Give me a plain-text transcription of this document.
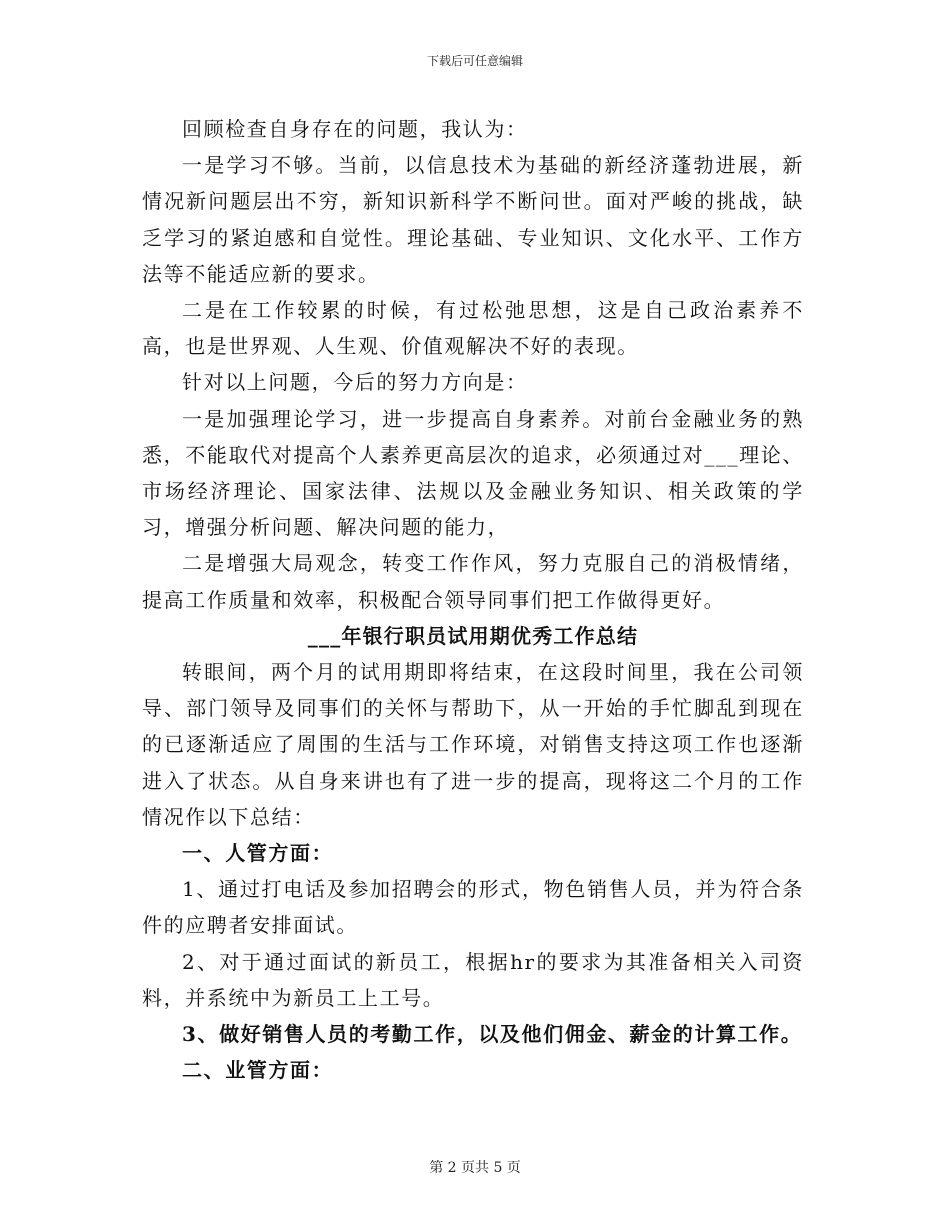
下载后可任意编辑

回顾检查自身存在的问题，我认为：

一是学习不够。当前，以信息技术为基础的新经济蓬勃进展，新情况新问题层出不穷，新知识新科学不断问世。面对严峻的挑战，缺乏学习的紧迫感和自觉性。理论基础、专业知识、文化水平、工作方法等不能适应新的要求。

二是在工作较累的时候，有过松弛思想，这是自己政治素养不高，也是世界观、人生观、价值观解决不好的表现。

针对以上问题，今后的努力方向是：

一是加强理论学习，进一步提高自身素养。对前台金融业务的熟悉，不能取代对提高个人素养更高层次的追求，必须通过对___理论、市场经济理论、国家法律、法规以及金融业务知识、相关政策的学习，增强分析问题、解决问题的能力，

二是增强大局观念，转变工作作风，努力克服自己的消极情绪，提高工作质量和效率，积极配合领导同事们把工作做得更好。

___年银行职员试用期优秀工作总结

转眼间，两个月的试用期即将结束，在这段时间里，我在公司领导、部门领导及同事们的关怀与帮助下，从一开始的手忙脚乱到现在的已逐渐适应了周围的生活与工作环境，对销售支持这项工作也逐渐进入了状态。从自身来讲也有了进一步的提高，现将这二个月的工作情况作以下总结：

一、人管方面：

1、通过打电话及参加招聘会的形式，物色销售人员，并为符合条件的应聘者安排面试。

2、对于通过面试的新员工，根据hr的要求为其准备相关入司资料，并系统中为新员工上工号。

3、做好销售人员的考勤工作，以及他们佣金、薪金的计算工作。

二、业管方面：

第 2 页共 5 页
